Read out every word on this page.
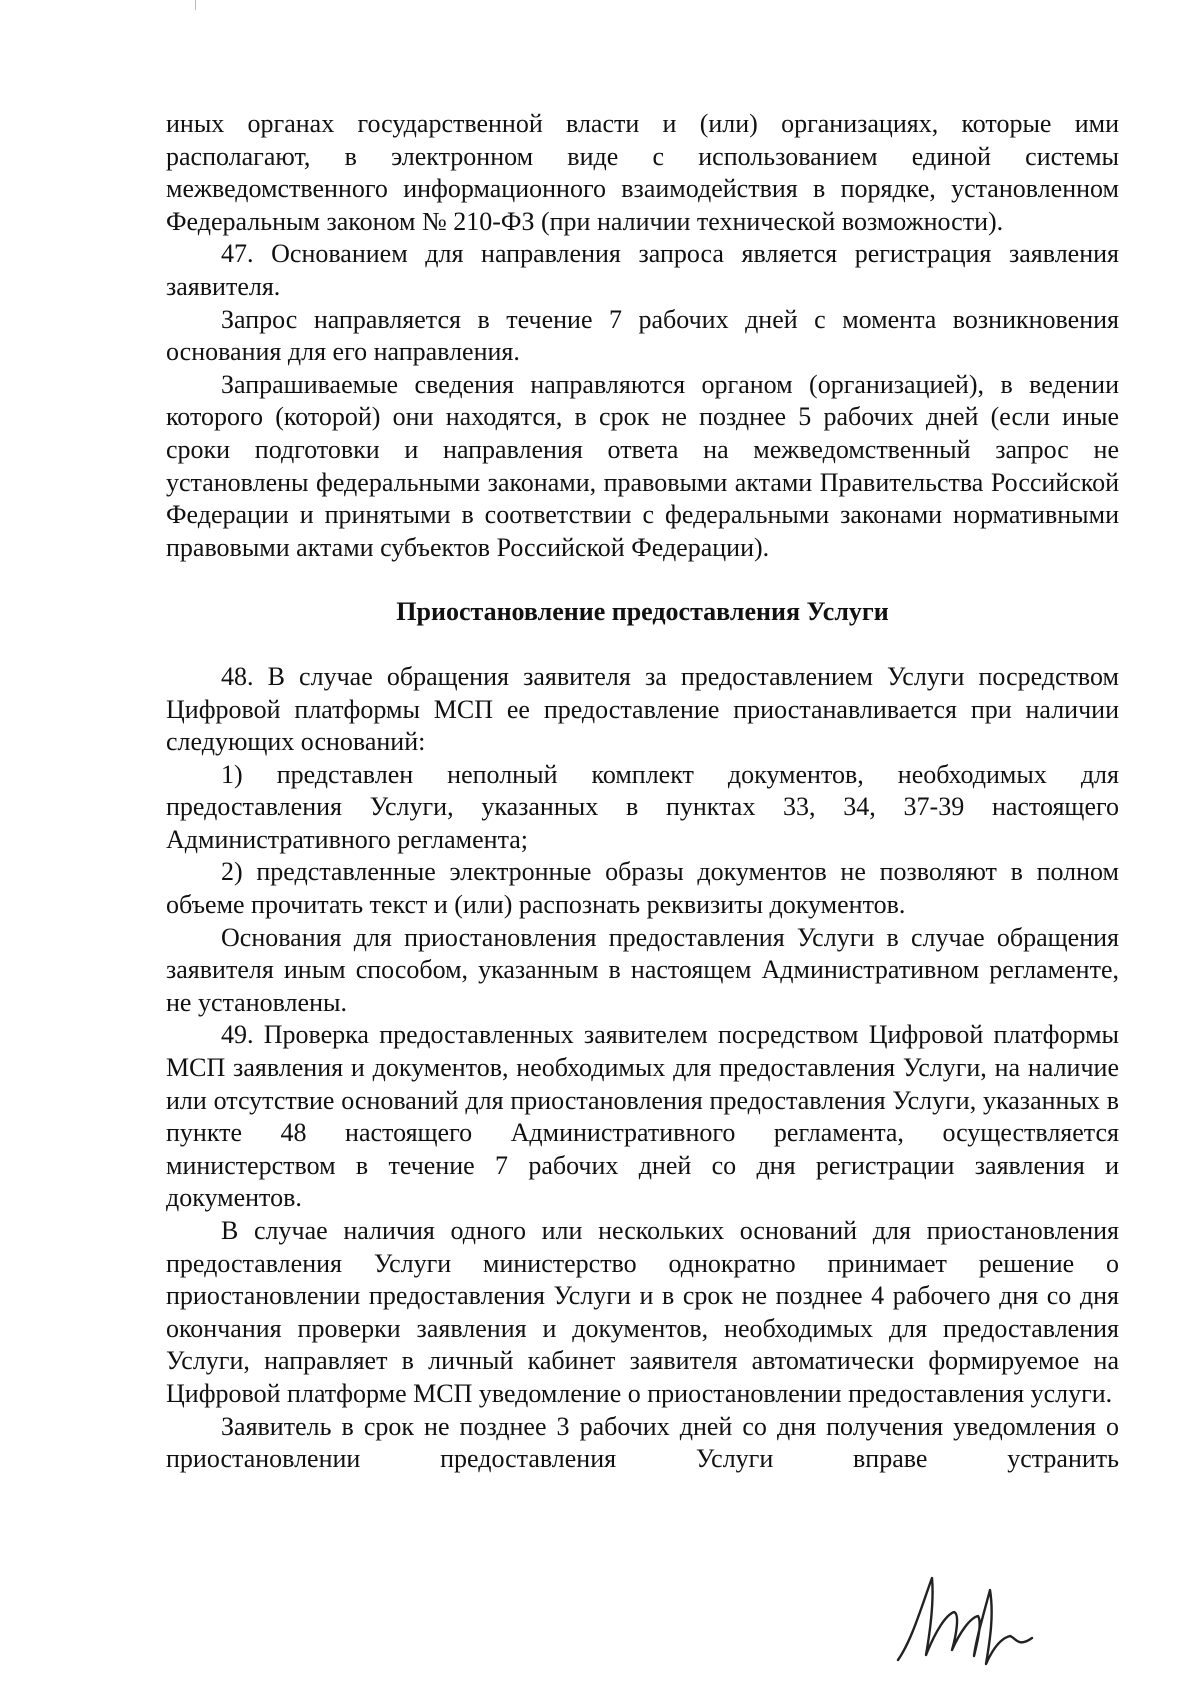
иных органах государственной власти и (или) организациях, которые ими располагают, в электронном виде с использованием единой системы межведомственного информационного взаимодействия в порядке, установленном Федеральным законом № 210-ФЗ (при наличии технической возможности).

47. Основанием для направления запроса является регистрация заявления заявителя.

Запрос направляется в течение 7 рабочих дней с момента возникновения основания для его направления.

Запрашиваемые сведения направляются органом (организацией), в ведении которого (которой) они находятся, в срок не позднее 5 рабочих дней (если иные сроки подготовки и направления ответа на межведомственный запрос не установлены федеральными законами, правовыми актами Правительства Российской Федерации и принятыми в соответствии с федеральными законами нормативными правовыми актами субъектов Российской Федерации).

Приостановление предоставления Услуги

48. В случае обращения заявителя за предоставлением Услуги посредством Цифровой платформы МСП ее предоставление приостанавливается при наличии следующих оснований:

1) представлен неполный комплект документов, необходимых для предоставления Услуги, указанных в пунктах 33, 34, 37-39 настоящего Административного регламента;

2) представленные электронные образы документов не позволяют в полном объеме прочитать текст и (или) распознать реквизиты документов.

Основания для приостановления предоставления Услуги в случае обращения заявителя иным способом, указанным в настоящем Административном регламенте, не установлены.

49. Проверка предоставленных заявителем посредством Цифровой платформы МСП заявления и документов, необходимых для предоставления Услуги, на наличие или отсутствие оснований для приостановления предоставления Услуги, указанных в пункте 48 настоящего Административного регламента, осуществляется министерством в течение 7 рабочих дней со дня регистрации заявления и документов.

В случае наличия одного или нескольких оснований для приостановления предоставления Услуги министерство однократно принимает решение о приостановлении предоставления Услуги и в срок не позднее 4 рабочего дня со дня окончания проверки заявления и документов, необходимых для предоставления Услуги, направляет в личный кабинет заявителя автоматически формируемое на Цифровой платформе МСП уведомление о приостановлении предоставления услуги.

Заявитель в срок не позднее 3 рабочих дней со дня получения уведомления о приостановлении предоставления Услуги вправе устранить
